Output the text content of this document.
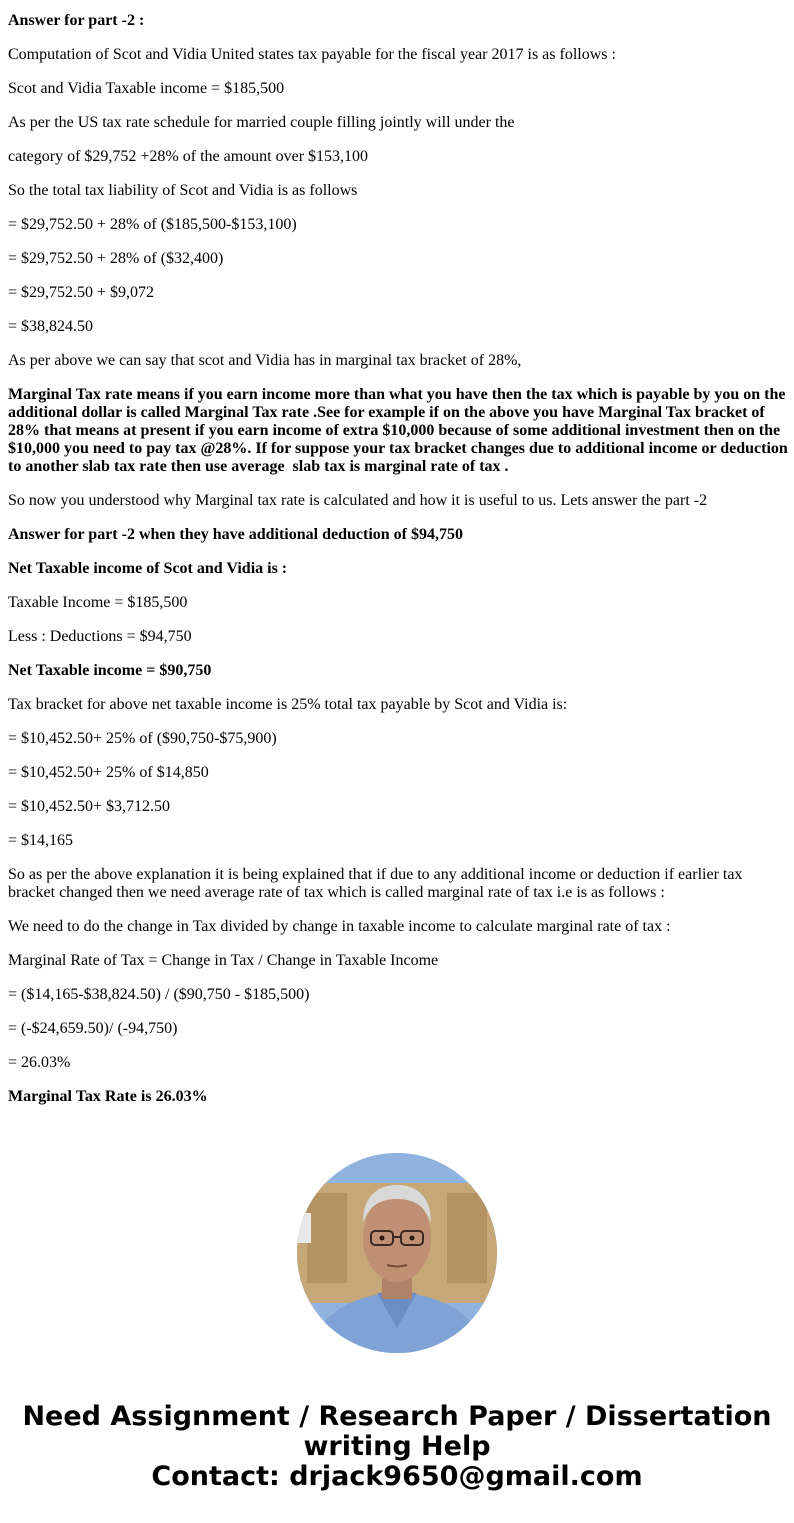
Answer for part -2 :

Computation of Scot and Vidia United states tax payable for the fiscal year 2017 is as follows :

Scot and Vidia Taxable income = $185,500

As per the US tax rate schedule for married couple filling jointly will under the

category of $29,752 +28% of the amount over $153,100

So the total tax liability of Scot and Vidia is as follows

= $29,752.50 + 28% of ($185,500-$153,100)

= $29,752.50 + 28% of ($32,400)

= $29,752.50 + $9,072

= $38,824.50

As per above we can say that scot and Vidia has in marginal tax bracket of 28%,

Marginal Tax rate means if you earn income more than what you have then the tax which is payable by you on the additional dollar is called Marginal Tax rate .See for example if on the above you have Marginal Tax bracket of 28% that means at present if you earn income of extra $10,000 because of some additional investment then on the $10,000 you need to pay tax @28%. If for suppose your tax bracket changes due to additional income or deduction to another slab tax rate then use average  slab tax is marginal rate of tax .

So now you understood why Marginal tax rate is calculated and how it is useful to us. Lets answer the part -2

Answer for part -2 when they have additional deduction of $94,750

Net Taxable income of Scot and Vidia is :

Taxable Income = $185,500

Less : Deductions = $94,750

Net Taxable income = $90,750

Tax bracket for above net taxable income is 25% total tax payable by Scot and Vidia is:

= $10,452.50+ 25% of ($90,750-$75,900)

= $10,452.50+ 25% of $14,850

= $10,452.50+ $3,712.50

= $14,165

So as per the above explanation it is being explained that if due to any additional income or deduction if earlier tax bracket changed then we need average rate of tax which is called marginal rate of tax i.e is as follows :

We need to do the change in Tax divided by change in taxable income to calculate marginal rate of tax :

Marginal Rate of Tax = Change in Tax / Change in Taxable Income

= ($14,165-$38,824.50) / ($90,750 - $185,500)

= (-$24,659.50)/ (-94,750)

= 26.03%

Marginal Tax Rate is 26.03%

Need Assignment / Research Paper / Dissertation
writing Help
Contact: drjack9650@gmail.com
